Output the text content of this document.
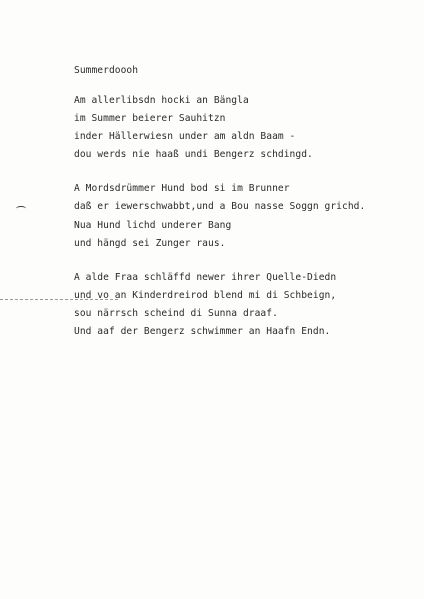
Summerdoooh
Am allerlibsdn hocki an Bängla
im Summer beierer Sauhitzn
inder Hällerwiesn under am aldn Baam -
dou werds nie haaß undi Bengerz schdingd.
A Mordsdrümmer Hund bod si im Brunner
daß er iewerschwabbt,und a Bou nasse Soggn grichd.
Nua Hund lichd underer Bang
und hängd sei Zunger raus.
A alde Fraa schläffd newer ihrer Quelle-Diedn
und vo an Kinderdreirod blend mi di Schbeign,
sou närrsch scheind di Sunna draaf.
Und aaf der Bengerz schwimmer an Haafn Endn.
